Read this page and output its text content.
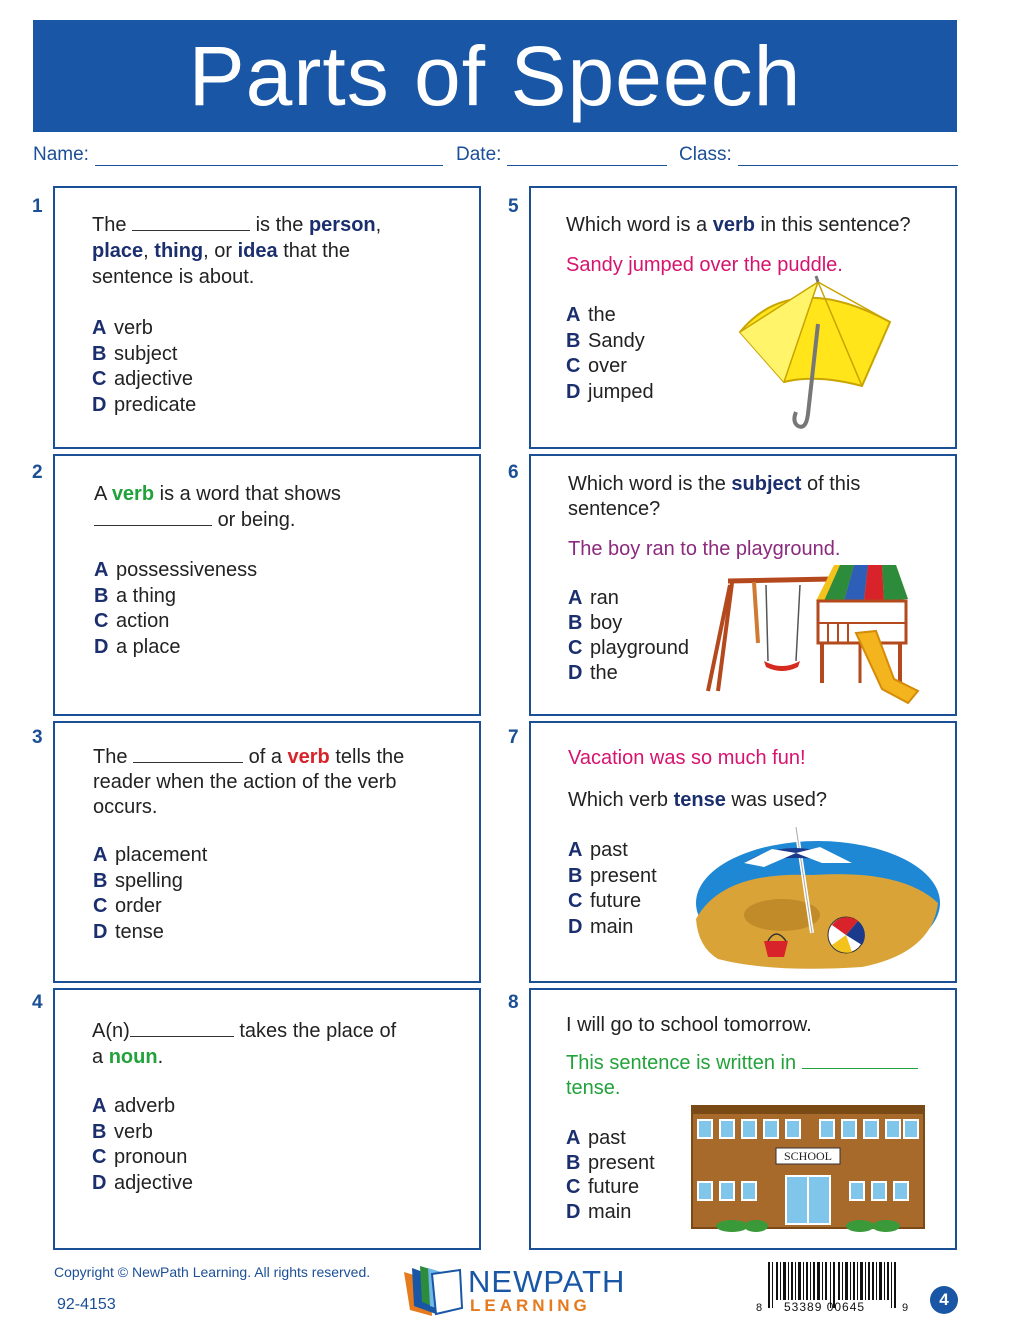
Parts of Speech
Name:	Date:	Class:
1
The	is the person,
place, thing, or idea that the
sentence is about.
A verb
B subject
C adjective
D predicate
2
A verb is a word that shows
or being.
A possessiveness
B a thing
C action
D a place
3
The	of a verb tells the
reader when the action of the verb
occurs.
A placement
B spelling
C order
D tense
4
A(n)	takes the place of
a noun.
A adverb
B verb
C pronoun
D adjective
5
Which word is a verb in this sentence?
Sandy jumped over the puddle.
A the
B Sandy
C over
D jumped
6
Which word is the subject of this
sentence?
The boy ran to the playground.
A ran
B boy
C playground
D the
7
Vacation was so much fun!
Which verb tense was used?
A past
B present
C future
D main
8
I will go to school tomorrow.
This sentence is written in
tense.
A past
B present
C future
D main
SCHOOL
Copyright © NewPath Learning. All rights reserved.
92-4153
NEWPATH
LEARNING	8 53389 00645	9	4
